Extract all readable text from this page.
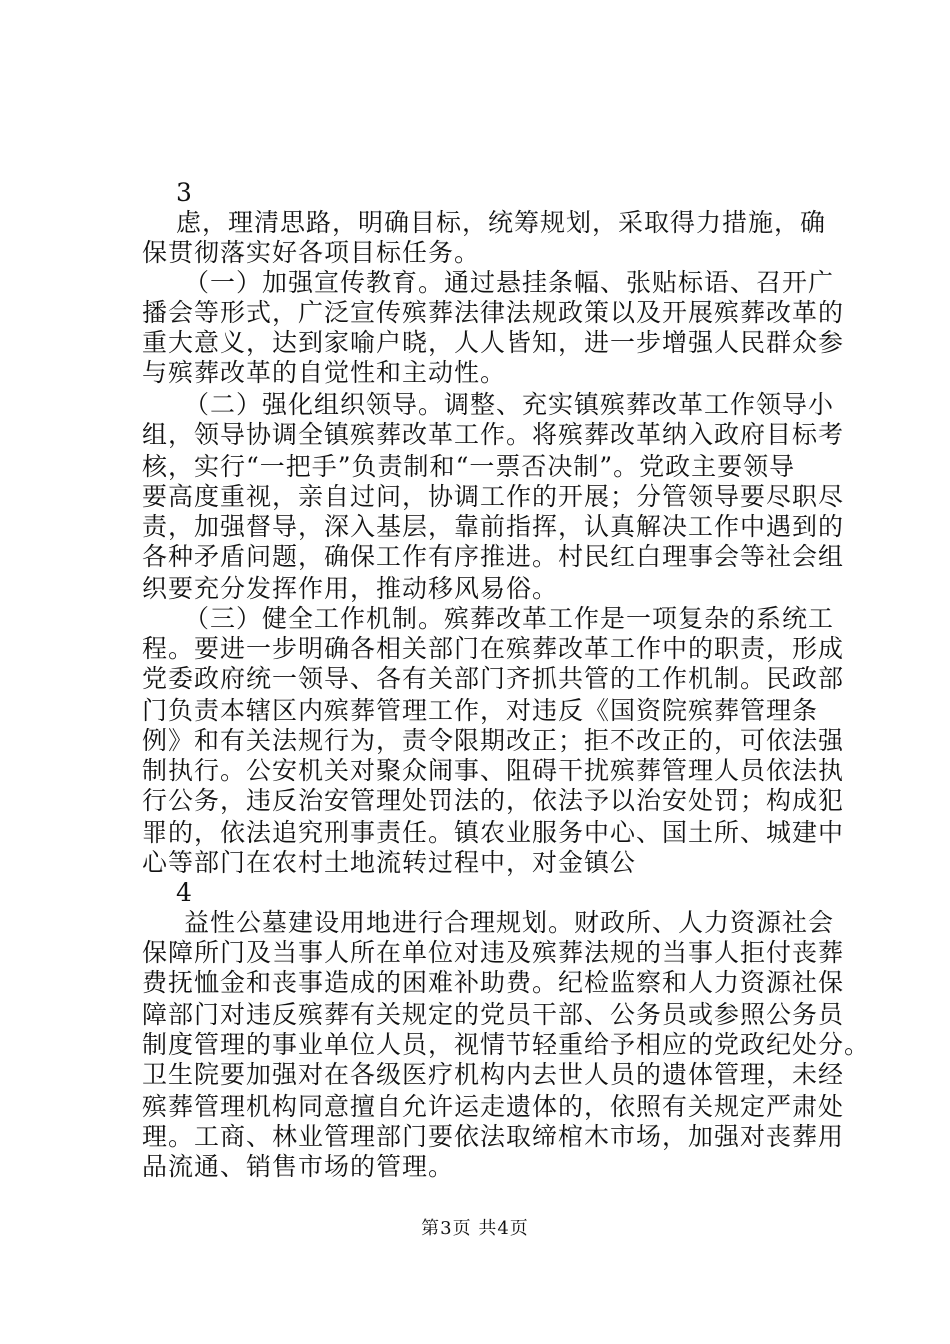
3
虑，理清思路，明确目标，统筹规划，采取得力措施，确
保贯彻落实好各项目标任务。
（一）加强宣传教育。通过悬挂条幅、张贴标语、召开广
播会等形式，广泛宣传殡葬法律法规政策以及开展殡葬改革的
重大意义，达到家喻户晓，人人皆知，进一步增强人民群众参
与殡葬改革的自觉性和主动性。
（二）强化组织领导。调整、充实镇殡葬改革工作领导小
组，领导协调全镇殡葬改革工作。将殡葬改革纳入政府目标考
核，实行“一把手”负责制和“一票否决制”。党政主要领导
要高度重视，亲自过问，协调工作的开展；分管领导要尽职尽
责，加强督导，深入基层，靠前指挥，认真解决工作中遇到的
各种矛盾问题，确保工作有序推进。村民红白理事会等社会组
织要充分发挥作用，推动移风易俗。
（三）健全工作机制。殡葬改革工作是一项复杂的系统工
程。要进一步明确各相关部门在殡葬改革工作中的职责，形成
党委政府统一领导、各有关部门齐抓共管的工作机制。民政部
门负责本辖区内殡葬管理工作，对违反《国资院殡葬管理条
例》和有关法规行为，责令限期改正；拒不改正的，可依法强
制执行。公安机关对聚众闹事、阻碍干扰殡葬管理人员依法执
行公务，违反治安管理处罚法的，依法予以治安处罚；构成犯
罪的，依法追究刑事责任。镇农业服务中心、国土所、城建中
心等部门在农村土地流转过程中，对金镇公
4
益性公墓建设用地进行合理规划。财政所、人力资源社会
保障所门及当事人所在单位对违及殡葬法规的当事人拒付丧葬
费抚恤金和丧事造成的困难补助费。纪检监察和人力资源社保
障部门对违反殡葬有关规定的党员干部、公务员或参照公务员
制度管理的事业单位人员，视情节轻重给予相应的党政纪处分。
卫生院要加强对在各级医疗机构内去世人员的遗体管理，未经
殡葬管理机构同意擅自允许运走遗体的，依照有关规定严肃处
理。工商、林业管理部门要依法取缔棺木市场，加强对丧葬用
品流通、销售市场的管理。
第3页 共4页
